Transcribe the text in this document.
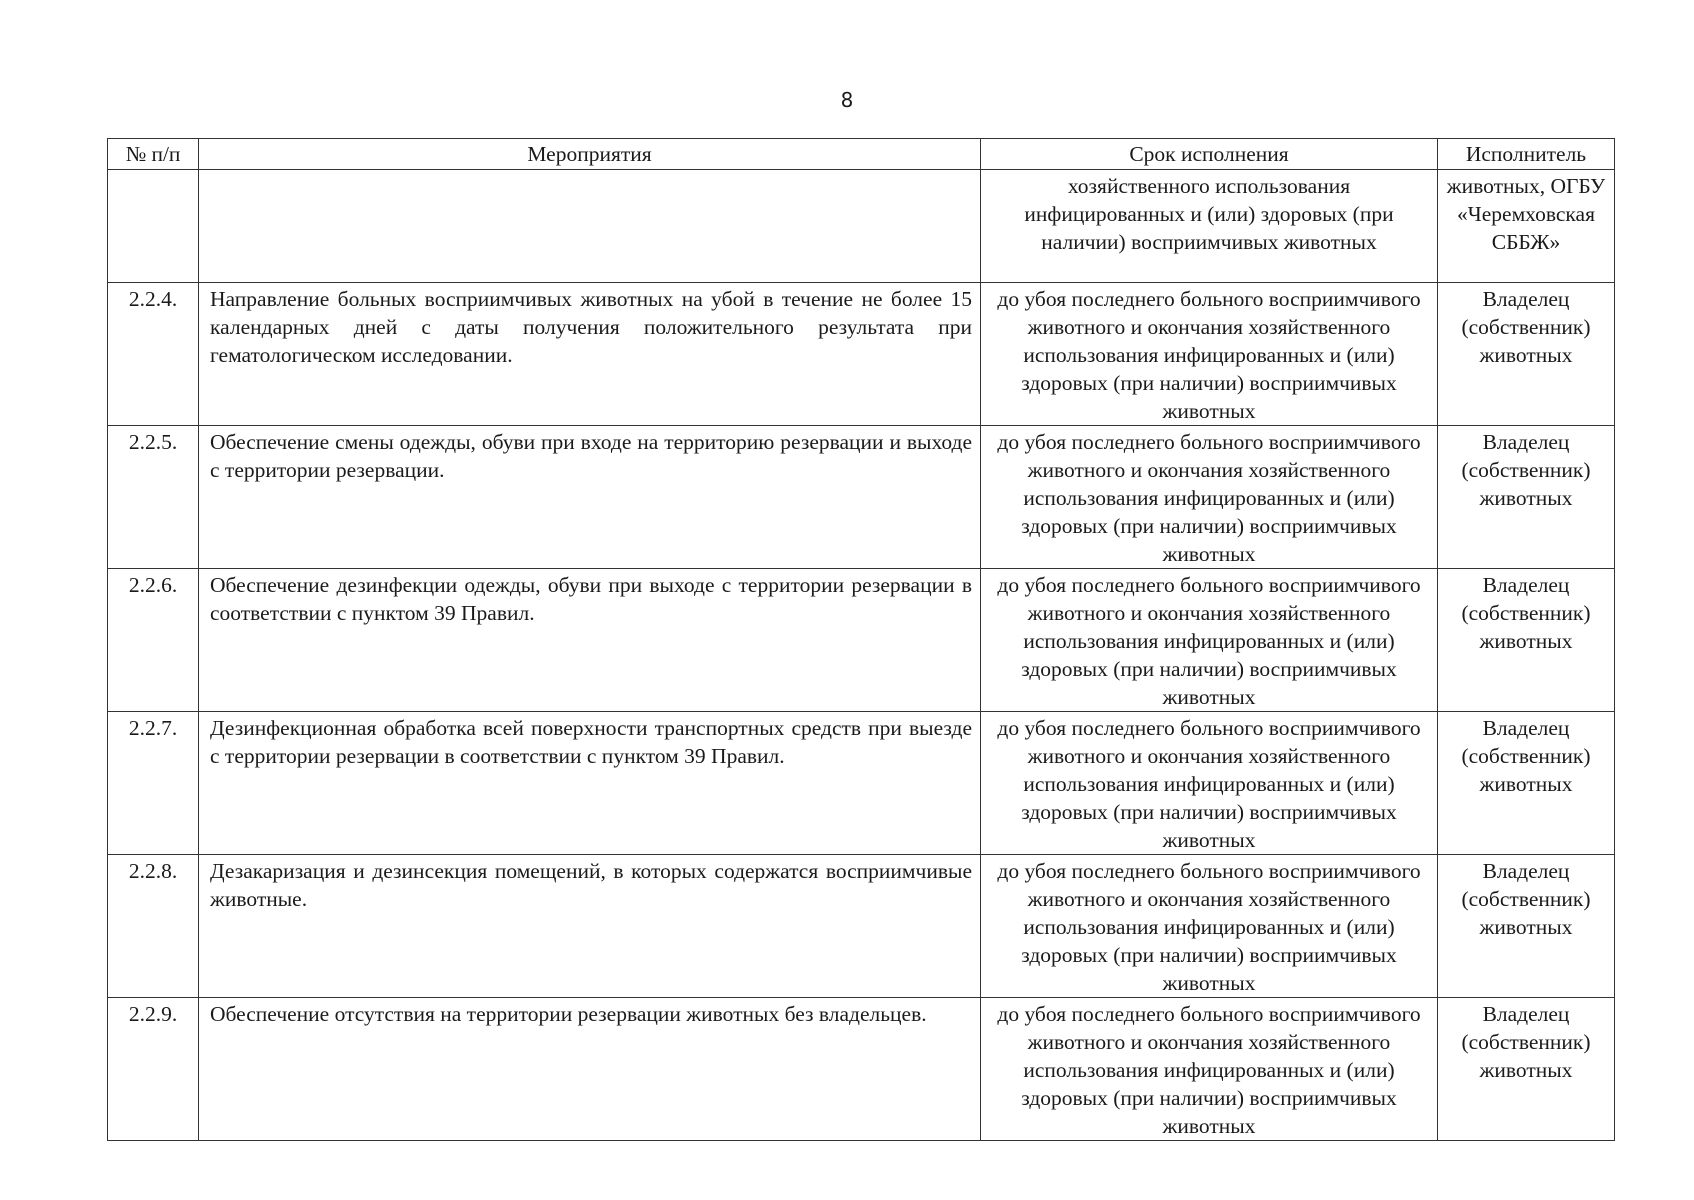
8
№ п/п	Мероприятия	Срок исполнения	Исполнитель
		хозяйственного использования инфицированных и (или) здоровых (при наличии) восприимчивых животных	животных, ОГБУ «Черемховская СББЖ»
2.2.4.	Направление больных восприимчивых животных на убой в течение не более 15 календарных дней с даты получения положительного результата при гематологическом исследовании.	до убоя последнего больного восприимчивого животного и окончания хозяйственного использования инфицированных и (или) здоровых (при наличии) восприимчивых животных	Владелец (собственник) животных
2.2.5.	Обеспечение смены одежды, обуви при входе на территорию резервации и выходе с территории резервации.	до убоя последнего больного восприимчивого животного и окончания хозяйственного использования инфицированных и (или) здоровых (при наличии) восприимчивых животных	Владелец (собственник) животных
2.2.6.	Обеспечение дезинфекции одежды, обуви при выходе с территории резервации в соответствии с пунктом 39 Правил.	до убоя последнего больного восприимчивого животного и окончания хозяйственного использования инфицированных и (или) здоровых (при наличии) восприимчивых животных	Владелец (собственник) животных
2.2.7.	Дезинфекционная обработка всей поверхности транспортных средств при выезде с территории резервации в соответствии с пунктом 39 Правил.	до убоя последнего больного восприимчивого животного и окончания хозяйственного использования инфицированных и (или) здоровых (при наличии) восприимчивых животных	Владелец (собственник) животных
2.2.8.	Дезакаризация и дезинсекция помещений, в которых содержатся восприимчивые животные.	до убоя последнего больного восприимчивого животного и окончания хозяйственного использования инфицированных и (или) здоровых (при наличии) восприимчивых животных	Владелец (собственник) животных
2.2.9.	Обеспечение отсутствия на территории резервации животных без владельцев.	до убоя последнего больного восприимчивого животного и окончания хозяйственного использования инфицированных и (или) здоровых (при наличии) восприимчивых животных	Владелец (собственник) животных
